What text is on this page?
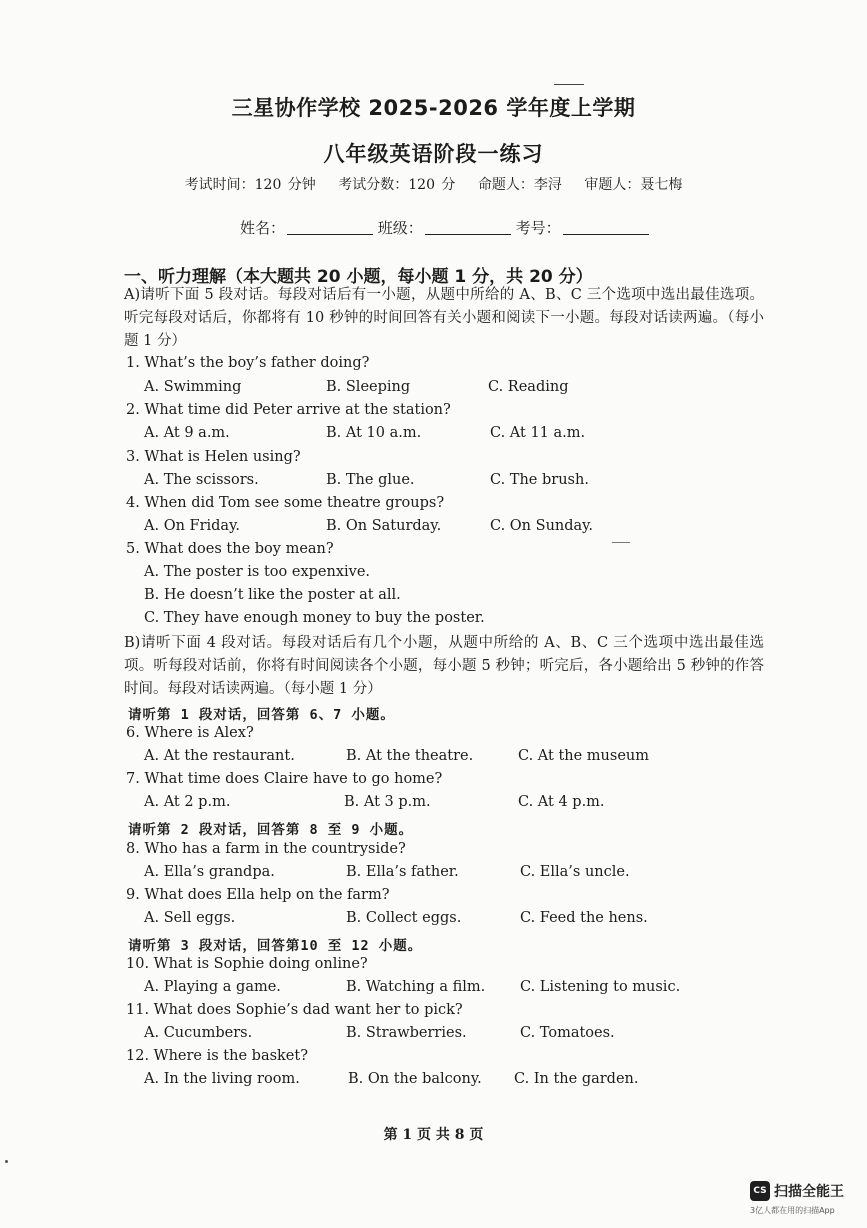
三星协作学校 2025-2026 学年度上学期
八年级英语阶段一练习
考试时间：120 分钟 考试分数：120 分 命题人：李浔 审题人：聂七梅
姓名：	班级：	考号：
一、听力理解（本大题共 20 小题，每小题 1 分，共 20 分）
A)请听下面 5 段对话。每段对话后有一小题，从题中所给的 A、B、C 三个选项中选出最佳选项。听完每段对话后，你都将有 10 秒钟的时间回答有关小题和阅读下一小题。每段对话读两遍。（每小题 1 分）
1. What’s the boy’s father doing?
A. Swimming	B. Sleeping	C. Reading
2. What time did Peter arrive at the station?
A. At 9 a.m.	B. At 10 a.m.	C. At 11 a.m.
3. What is Helen using?
A. The scissors.	B. The glue.	C. The brush.
4. When did Tom see some theatre groups?
A. On Friday.	B. On Saturday.	C. On Sunday.
5. What does the boy mean?
A. The poster is too expenxive.
B. He doesn’t like the poster at all.
C. They have enough money to buy the poster.
B)请听下面 4 段对话。每段对话后有几个小题，从题中所给的 A、B、C 三个选项中选出最佳选项。听每段对话前，你将有时间阅读各个小题，每小题 5 秒钟；听完后，各小题给出 5 秒钟的作答时间。每段对话读两遍。（每小题 1 分）
请听第 1 段对话，回答第 6、7 小题。
6. Where is Alex?
A. At the restaurant.	B. At the theatre.	C. At the museum
7. What time does Claire have to go home?
A. At 2 p.m.	B. At 3 p.m.	C. At 4 p.m.
请听第 2 段对话，回答第 8 至 9 小题。
8. Who has a farm in the countryside?
A. Ella’s grandpa.	B. Ella’s father.	C. Ella’s uncle.
9. What does Ella help on the farm?
A. Sell eggs.	B. Collect eggs.	C. Feed the hens.
请听第 3 段对话，回答第10 至 12 小题。
10. What is Sophie doing online?
A. Playing a game.	B. Watching a film. C. Listening to music.
11. What does Sophie’s dad want her to pick?
A. Cucumbers.	B. Strawberries.	C. Tomatoes.
12. Where is the basket?
A. In the living room.	B. On the balcony. C. In the garden.
第 1 页 共 8 页
CS 扫描全能王
3亿人都在用的扫描App
